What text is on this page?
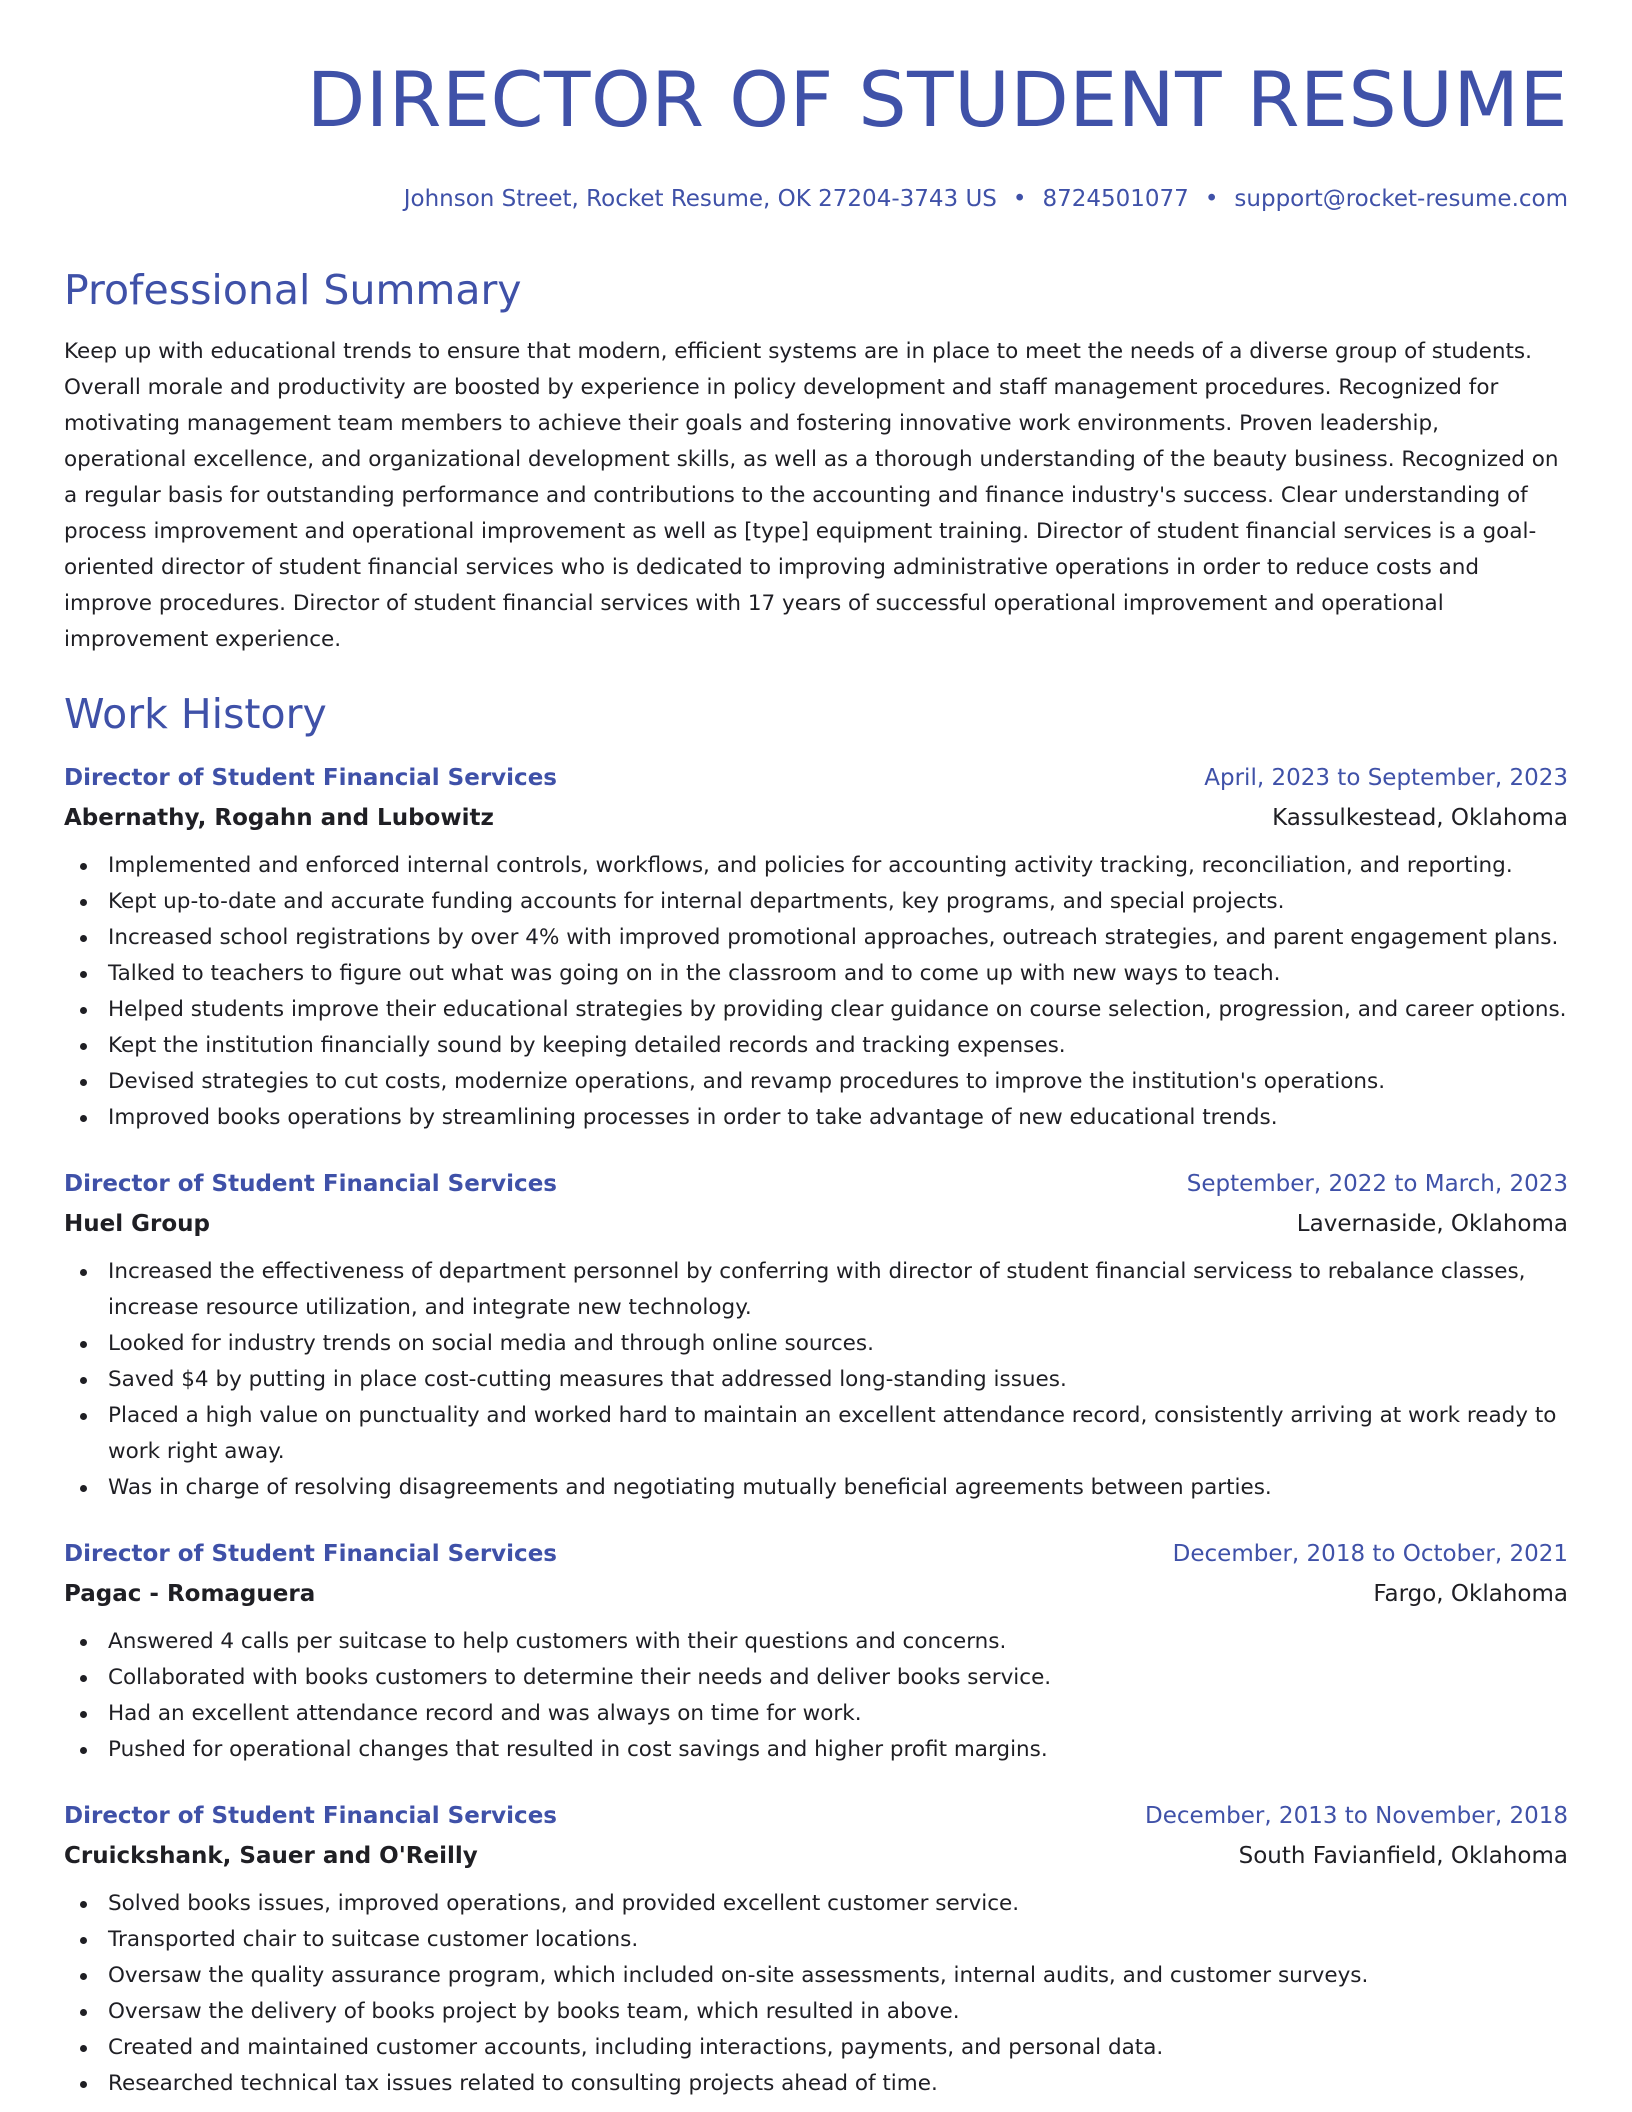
DIRECTOR OF STUDENT RESUME
Johnson Street, Rocket Resume, OK 27204-3743 US • 8724501077 • support@rocket-resume.com
Professional Summary

Keep up with educational trends to ensure that modern, efficient systems are in place to meet the needs of a diverse group of students. Overall morale and productivity are boosted by experience in policy development and staff management procedures. Recognized for motivating management team members to achieve their goals and fostering innovative work environments. Proven leadership, operational excellence, and organizational development skills, as well as a thorough understanding of the beauty business. Recognized on a regular basis for outstanding performance and contributions to the accounting and finance industry's success. Clear understanding of process improvement and operational improvement as well as [type] equipment training. Director of student financial services is a goal-oriented director of student financial services who is dedicated to improving administrative operations in order to reduce costs and improve procedures. Director of student financial services with 17 years of successful operational improvement and operational improvement experience.

Work History
Director of Student Financial Services	April, 2023 to September, 2023
Abernathy, Rogahn and Lubowitz	Kassulkestead, Oklahoma
Implemented and enforced internal controls, workflows, and policies for accounting activity tracking, reconciliation, and reporting.
Kept up-to-date and accurate funding accounts for internal departments, key programs, and special projects.
Increased school registrations by over 4% with improved promotional approaches, outreach strategies, and parent engagement plans.
Talked to teachers to figure out what was going on in the classroom and to come up with new ways to teach.
Helped students improve their educational strategies by providing clear guidance on course selection, progression, and career options.
Kept the institution financially sound by keeping detailed records and tracking expenses.
Devised strategies to cut costs, modernize operations, and revamp procedures to improve the institution's operations.
Improved books operations by streamlining processes in order to take advantage of new educational trends.
Director of Student Financial Services	September, 2022 to March, 2023
Huel Group	Lavernaside, Oklahoma
Increased the effectiveness of department personnel by conferring with director of student financial servicess to rebalance classes, increase resource utilization, and integrate new technology.
Looked for industry trends on social media and through online sources.
Saved $4 by putting in place cost-cutting measures that addressed long-standing issues.
Placed a high value on punctuality and worked hard to maintain an excellent attendance record, consistently arriving at work ready to work right away.
Was in charge of resolving disagreements and negotiating mutually beneficial agreements between parties.
Director of Student Financial Services	December, 2018 to October, 2021
Pagac - Romaguera	Fargo, Oklahoma
Answered 4 calls per suitcase to help customers with their questions and concerns.
Collaborated with books customers to determine their needs and deliver books service.
Had an excellent attendance record and was always on time for work.
Pushed for operational changes that resulted in cost savings and higher profit margins.
Director of Student Financial Services	December, 2013 to November, 2018
Cruickshank, Sauer and O'Reilly	South Favianfield, Oklahoma
Solved books issues, improved operations, and provided excellent customer service.
Transported chair to suitcase customer locations.
Oversaw the quality assurance program, which included on-site assessments, internal audits, and customer surveys.
Oversaw the delivery of books project by books team, which resulted in above.
Created and maintained customer accounts, including interactions, payments, and personal data.
Researched technical tax issues related to consulting projects ahead of time.
